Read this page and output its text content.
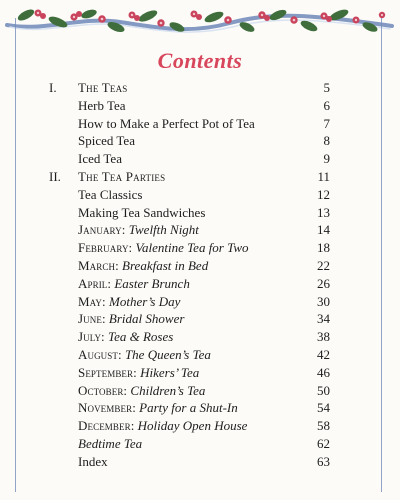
Contents
I.	The Teas	5
Herb Tea	6
How to Make a Perfect Pot of Tea	7
Spiced Tea	8
Iced Tea	9
II.	The Tea Parties	11
Tea Classics	12
Making Tea Sandwiches	13
January: Twelfth Night	14
February: Valentine Tea for Two	18
March: Breakfast in Bed	22
April: Easter Brunch	26
May: Mother’s Day	30
June: Bridal Shower	34
July: Tea & Roses	38
August: The Queen’s Tea	42
September: Hikers’ Tea	46
October: Children’s Tea	50
November: Party for a Shut-In	54
December: Holiday Open House	58
Bedtime Tea	62
Index	63
